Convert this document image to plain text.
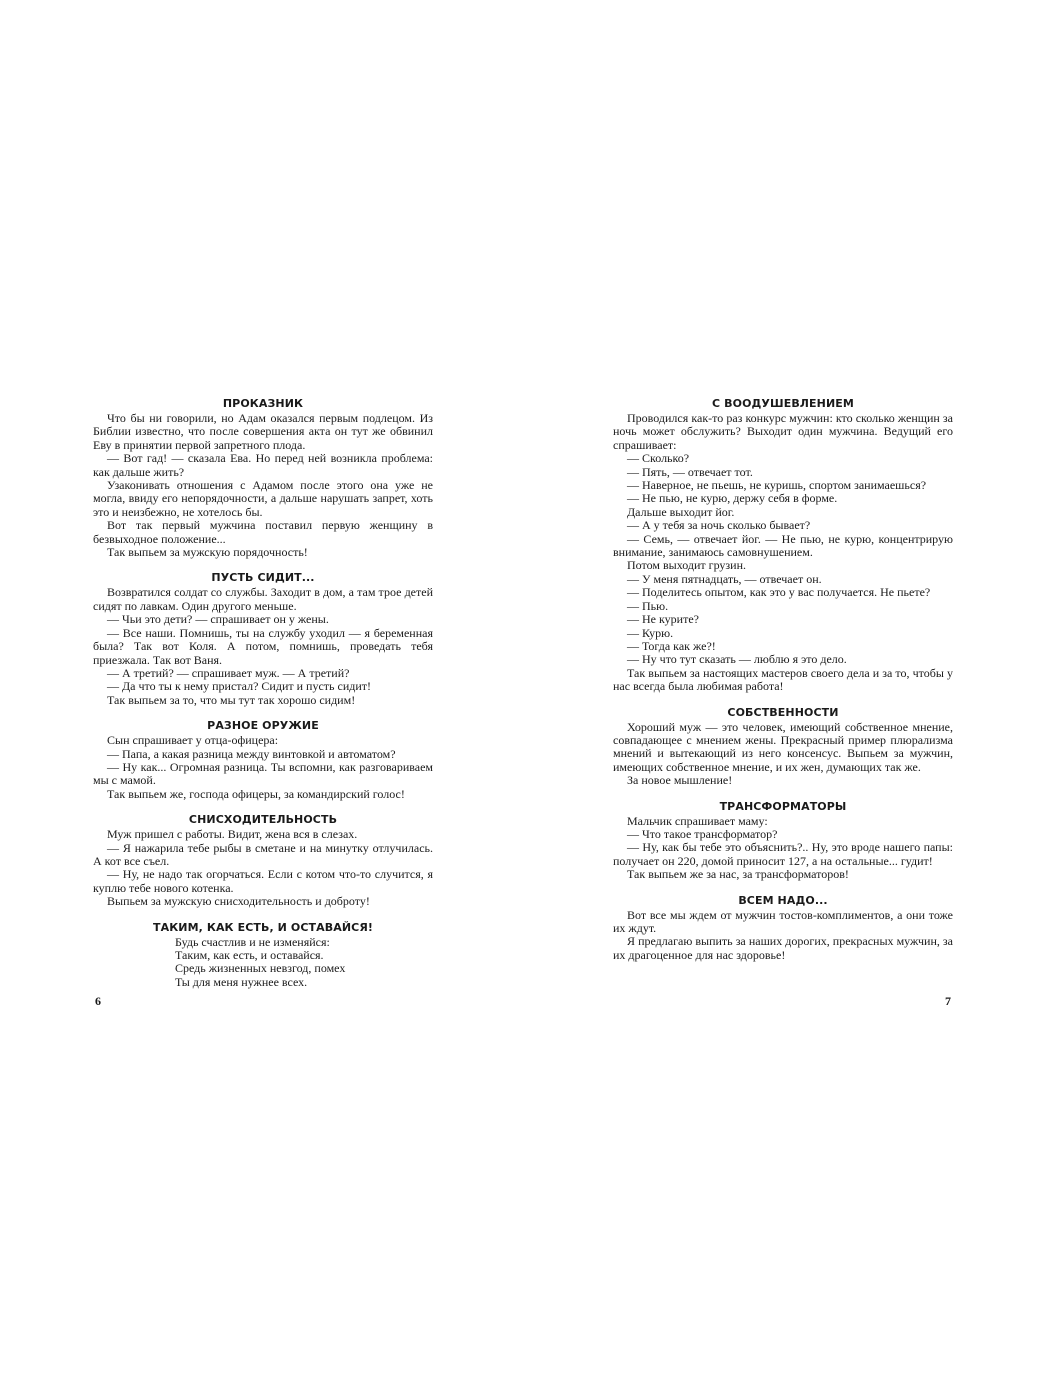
ПРОКАЗНИК

Что бы ни говорили, но Адам оказался первым подлецом. Из Библии известно, что после совершения акта он тут же обвинил Еву в принятии первой запретного плода.

— Вот гад! — сказала Ева. Но перед ней возникла проблема: как дальше жить?

Узаконивать отношения с Адамом после этого она уже не могла, ввиду его непорядочности, а дальше нарушать запрет, хоть это и неизбежно, не хотелось бы.

Вот так первый мужчина поставил первую женщину в безвыходное положение...

Так выпьем за мужскую порядочность!

ПУСТЬ СИДИТ...

Возвратился солдат со службы. Заходит в дом, а там трое детей сидят по лавкам. Один другого меньше.

— Чьи это дети? — спрашивает он у жены.

— Все наши. Помнишь, ты на службу уходил — я беременная была? Так вот Коля. А потом, помнишь, проведать тебя приезжала. Так вот Ваня.

— А третий? — спрашивает муж. — А третий?

— Да что ты к нему пристал? Сидит и пусть сидит!

Так выпьем за то, что мы тут так хорошо сидим!

РАЗНОЕ ОРУЖИЕ

Сын спрашивает у отца-офицера:

— Папа, а какая разница между винтовкой и автоматом?

— Ну как... Огромная разница. Ты вспомни, как разговариваем мы с мамой.

Так выпьем же, господа офицеры, за командирский голос!

СНИСХОДИТЕЛЬНОСТЬ

Муж пришел с работы. Видит, жена вся в слезах.

— Я нажарила тебе рыбы в сметане и на минутку отлучилась. А кот все съел.

— Ну, не надо так огорчаться. Если с котом что-то случится, я куплю тебе нового котенка.

Выпьем за мужскую снисходительность и доброту!

ТАКИМ, КАК ЕСТЬ, И ОСТАВАЙСЯ!
Будь счастлив и не изменяйся:
Таким, как есть, и оставайся.
Средь жизненных невзгод, помех
Ты для меня нужнее всех.
6
С ВООДУШЕВЛЕНИЕМ

Проводился как-то раз конкурс мужчин: кто сколько женщин за ночь может обслужить? Выходит один мужчина. Ведущий его спрашивает:

— Сколько?

— Пять, — отвечает тот.

— Наверное, не пьешь, не куришь, спортом занимаешься?

— Не пью, не курю, держу себя в форме.

Дальше выходит йог.

— А у тебя за ночь сколько бывает?

— Семь, — отвечает йог. — Не пью, не курю, концентрирую внимание, занимаюсь самовнушением.

Потом выходит грузин.

— У меня пятнадцать, — отвечает он.

— Поделитесь опытом, как это у вас получается. Не пьете?

— Пью.

— Не курите?

— Курю.

— Тогда как же?!

— Ну что тут сказать — люблю я это дело.

Так выпьем за настоящих мастеров своего дела и за то, чтобы у нас всегда была любимая работа!

СОБСТВЕННОСТИ

Хороший муж — это человек, имеющий собственное мнение, совпадающее с мнением жены. Прекрасный пример плюрализма мнений и вытекающий из него консенсус. Выпьем за мужчин, имеющих собственное мнение, и их жен, думающих так же.

За новое мышление!

ТРАНСФОРМАТОРЫ

Мальчик спрашивает маму:

— Что такое трансформатор?

— Ну, как бы тебе это объяснить?.. Ну, это вроде нашего папы: получает он 220, домой приносит 127, а на остальные... гудит!

Так выпьем же за нас, за трансформаторов!

ВСЕМ НАДО...

Вот все мы ждем от мужчин тостов-комплиментов, а они тоже их ждут.

Я предлагаю выпить за наших дорогих, прекрасных мужчин, за их драгоценное для нас здоровье!

7
